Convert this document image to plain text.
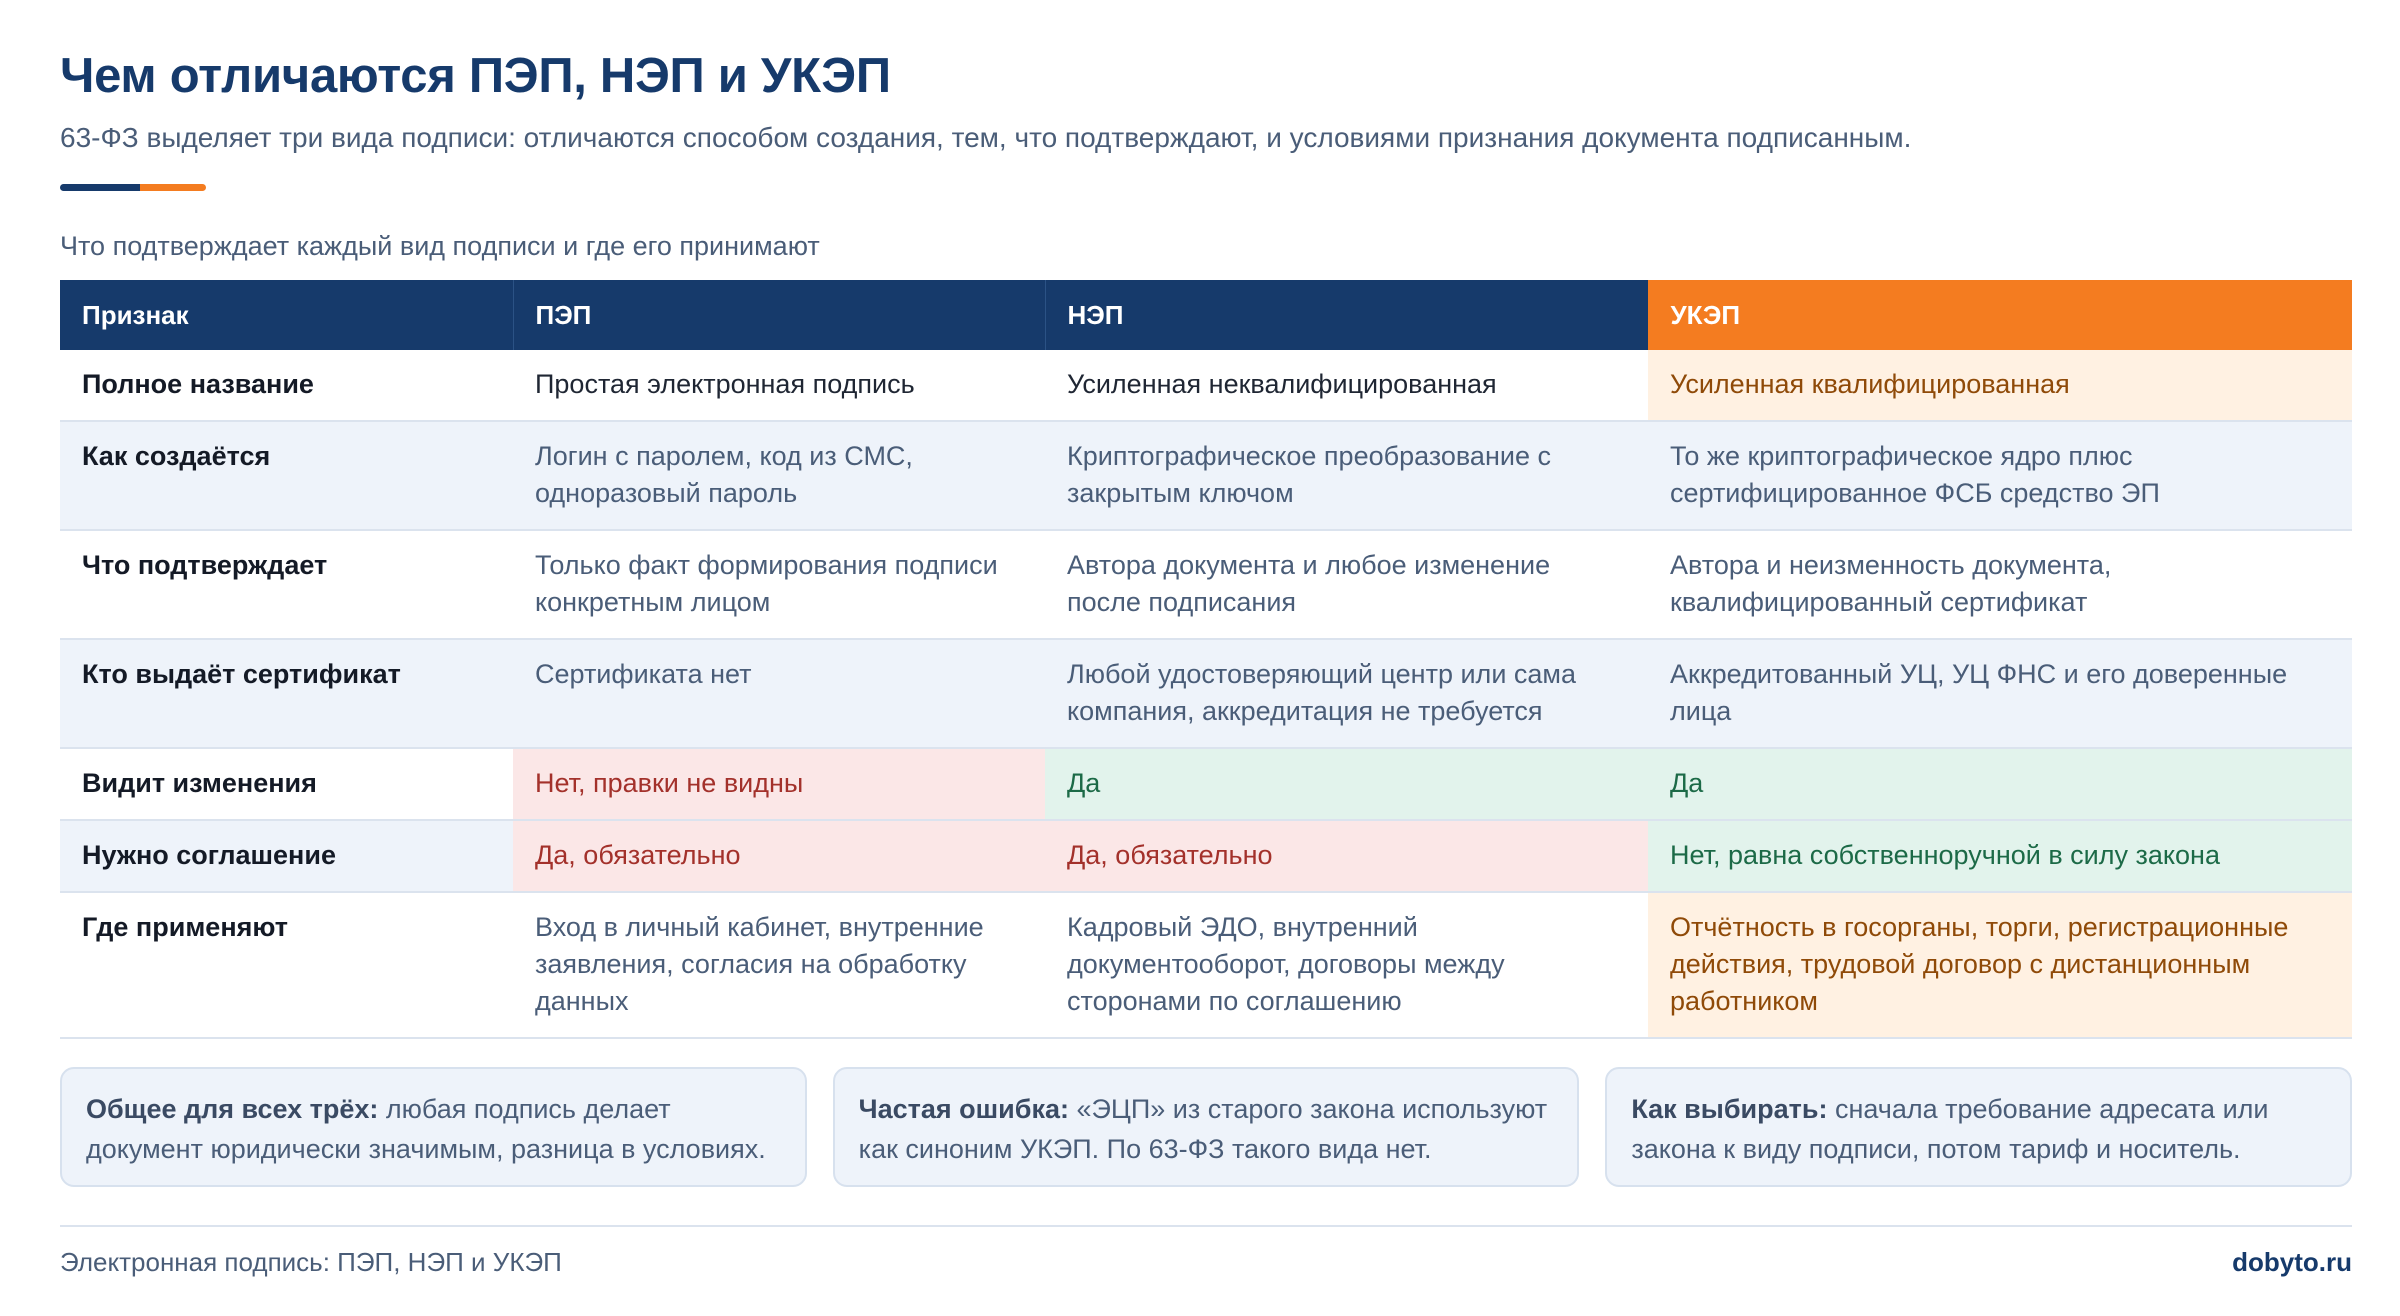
Чем отличаются ПЭП, НЭП и УКЭП

63-ФЗ выделяет три вида подписи: отличаются способом создания, тем, что подтверждают, и условиями признания документа подписанным.

Что подтверждает каждый вид подписи и где его принимают

Признак	ПЭП	НЭП	УКЭП
Полное название	Простая электронная подпись	Усиленная неквалифицированная	Усиленная квалифицированная
Как создаётся	Логин с паролем, код из СМС, одноразовый пароль	Криптографическое преобразование с закрытым ключом	То же криптографическое ядро плюс сертифицированное ФСБ средство ЭП
Что подтверждает	Только факт формирования подписи конкретным лицом	Автора документа и любое изменение после подписания	Автора и неизменность документа, квалифицированный сертификат
Кто выдаёт сертификат	Сертификата нет	Любой удостоверяющий центр или сама компания, аккредитация не требуется	Аккредитованный УЦ, УЦ ФНС и его доверенные лица
Видит изменения	Нет, правки не видны	Да	Да
Нужно соглашение	Да, обязательно	Да, обязательно	Нет, равна собственноручной в силу закона
Где применяют	Вход в личный кабинет, внутренние заявления, согласия на обработку данных	Кадровый ЭДО, внутренний документооборот, договоры между сторонами по соглашению	Отчётность в госорганы, торги, регистрационные действия, трудовой договор с дистанционным работником
Общее для всех трёх: любая подпись делает документ юридически значимым, разница в условиях.
Частая ошибка: «ЭЦП» из старого закона используют как синоним УКЭП. По 63-ФЗ такого вида нет.
Как выбирать: сначала требование адресата или закона к виду подписи, потом тариф и носитель.
Электронная подпись: ПЭП, НЭП и УКЭП	dobyto.ru
